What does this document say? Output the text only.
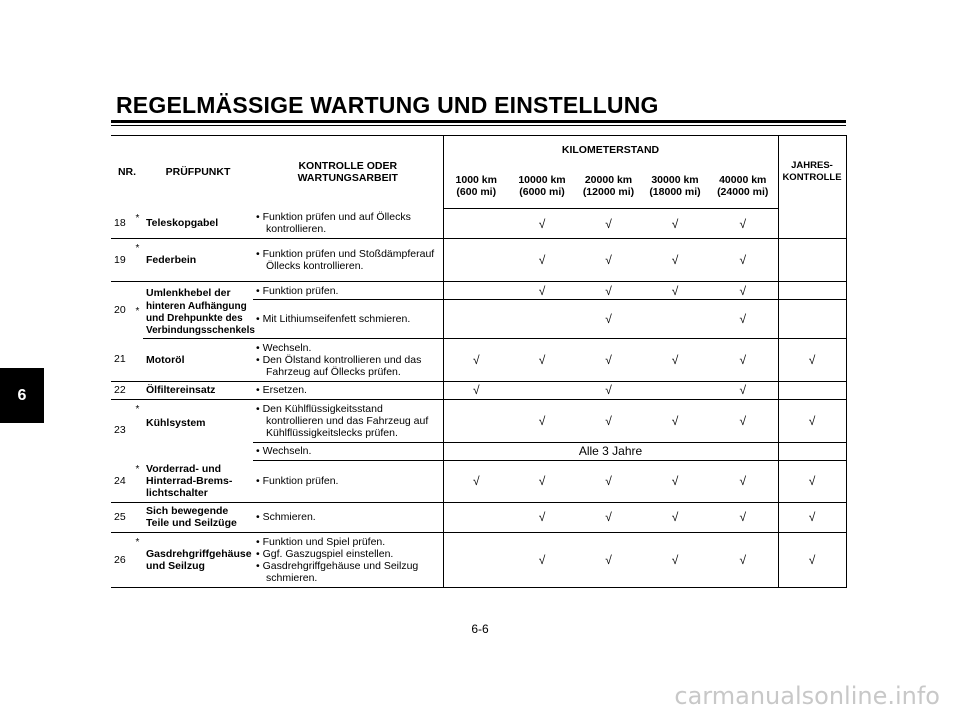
REGELMÄSSIGE WARTUNG UND EINSTELLUNG
6
NR.		PRÜFPUNKT	KONTROLLE ODER
WARTUNGSARBEIT	KILOMETERSTAND					JAHRES-
KONTROLLE
				1000 km
(600 mi)	10000 km
(6000 mi)	20000 km
(12000 mi)	30000 km
(18000 mi)	40000 km
(24000 mi)	
18	*	Teleskopgabel	• Funktion prüfen und auf Öllecks kontrollieren.		√	√	√	√	
19	*	Federbein	• Funktion prüfen und Stoßdämpferauf Öllecks kontrollieren.		√	√	√	√	
20	*	Umlenkhebel der	• Funktion prüfen.		√	√	√	√	
		hinteren Aufhängung und Drehpunkte des Verbindungsschenkels	• Mit Lithiumseifenfett schmieren.			√		√	
21		Motoröl	• Wechseln.
• Den Ölstand kontrollieren und das Fahrzeug auf Öllecks prüfen.	√	√	√	√	√	√
22		Ölfiltereinsatz	• Ersetzen.	√		√		√	
23	*	Kühlsystem	• Den Kühlflüssigkeitsstand kontrollieren und das Fahrzeug auf Kühlflüssigkeitslecks prüfen.		√	√	√	√	√

			• Wechseln.	Alle 3 Jahre					
24	*	Vorderrad- und Hinterrad-Brems-lichtschalter	• Funktion prüfen.	√	√	√	√	√	√
25		Sich bewegende Teile und Seilzüge	• Schmieren.		√	√	√	√	√
26	*	Gasdrehgriffgehäuse und Seilzug	• Funktion und Spiel prüfen.
• Ggf. Gaszugspiel einstellen.
• Gasdrehgriffgehäuse und Seilzug schmieren.		√	√	√	√	√
6-6
carmanualsonline.info
